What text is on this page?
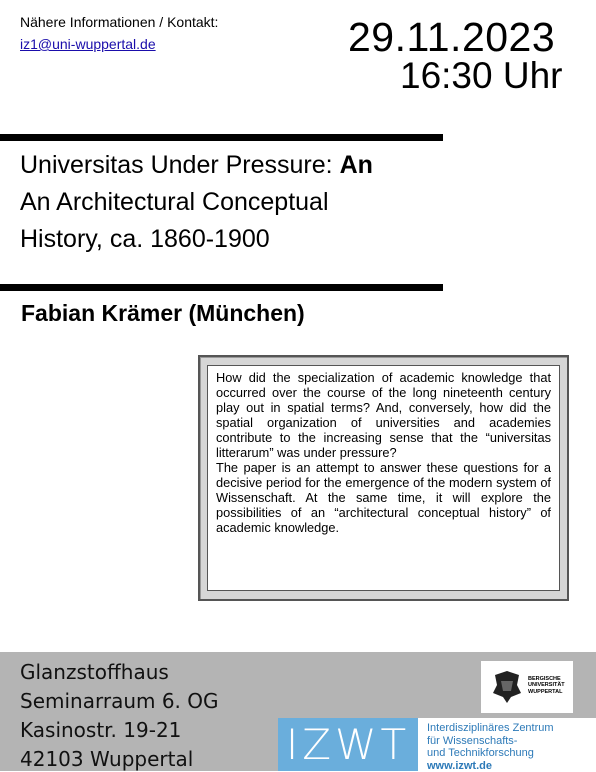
Nähere Informationen / Kontakt:
iz1@uni-wuppertal.de	29.11.2023
16:30 Uhr
Universitas Under Pressure: An
An Architectural Conceptual
History, ca. 1860-1900
Fabian Krämer (München)

How did the specialization of academic knowledge that occurred over the course of the long nineteenth century play out in spatial terms? And, conversely, how did the spatial organization of universities and academies contribute to the increasing sense that the “universitas litterarum” was under pressure?

The paper is an attempt to answer these questions for a decisive period for the emergence of the modern system of Wissenschaft. At the same time, it will explore the possibilities of an “architectural conceptual history” of academic knowledge.

Glanzstoffhaus
Seminarraum 6. OG
Kasinostr. 19-21
42103 Wuppertal
BERGISCHE
UNIVERSITÄT
WUPPERTAL
IZWT	Interdisziplinäres Zentrum
für Wissenschafts-
und Technikforschung
www.izwt.de
